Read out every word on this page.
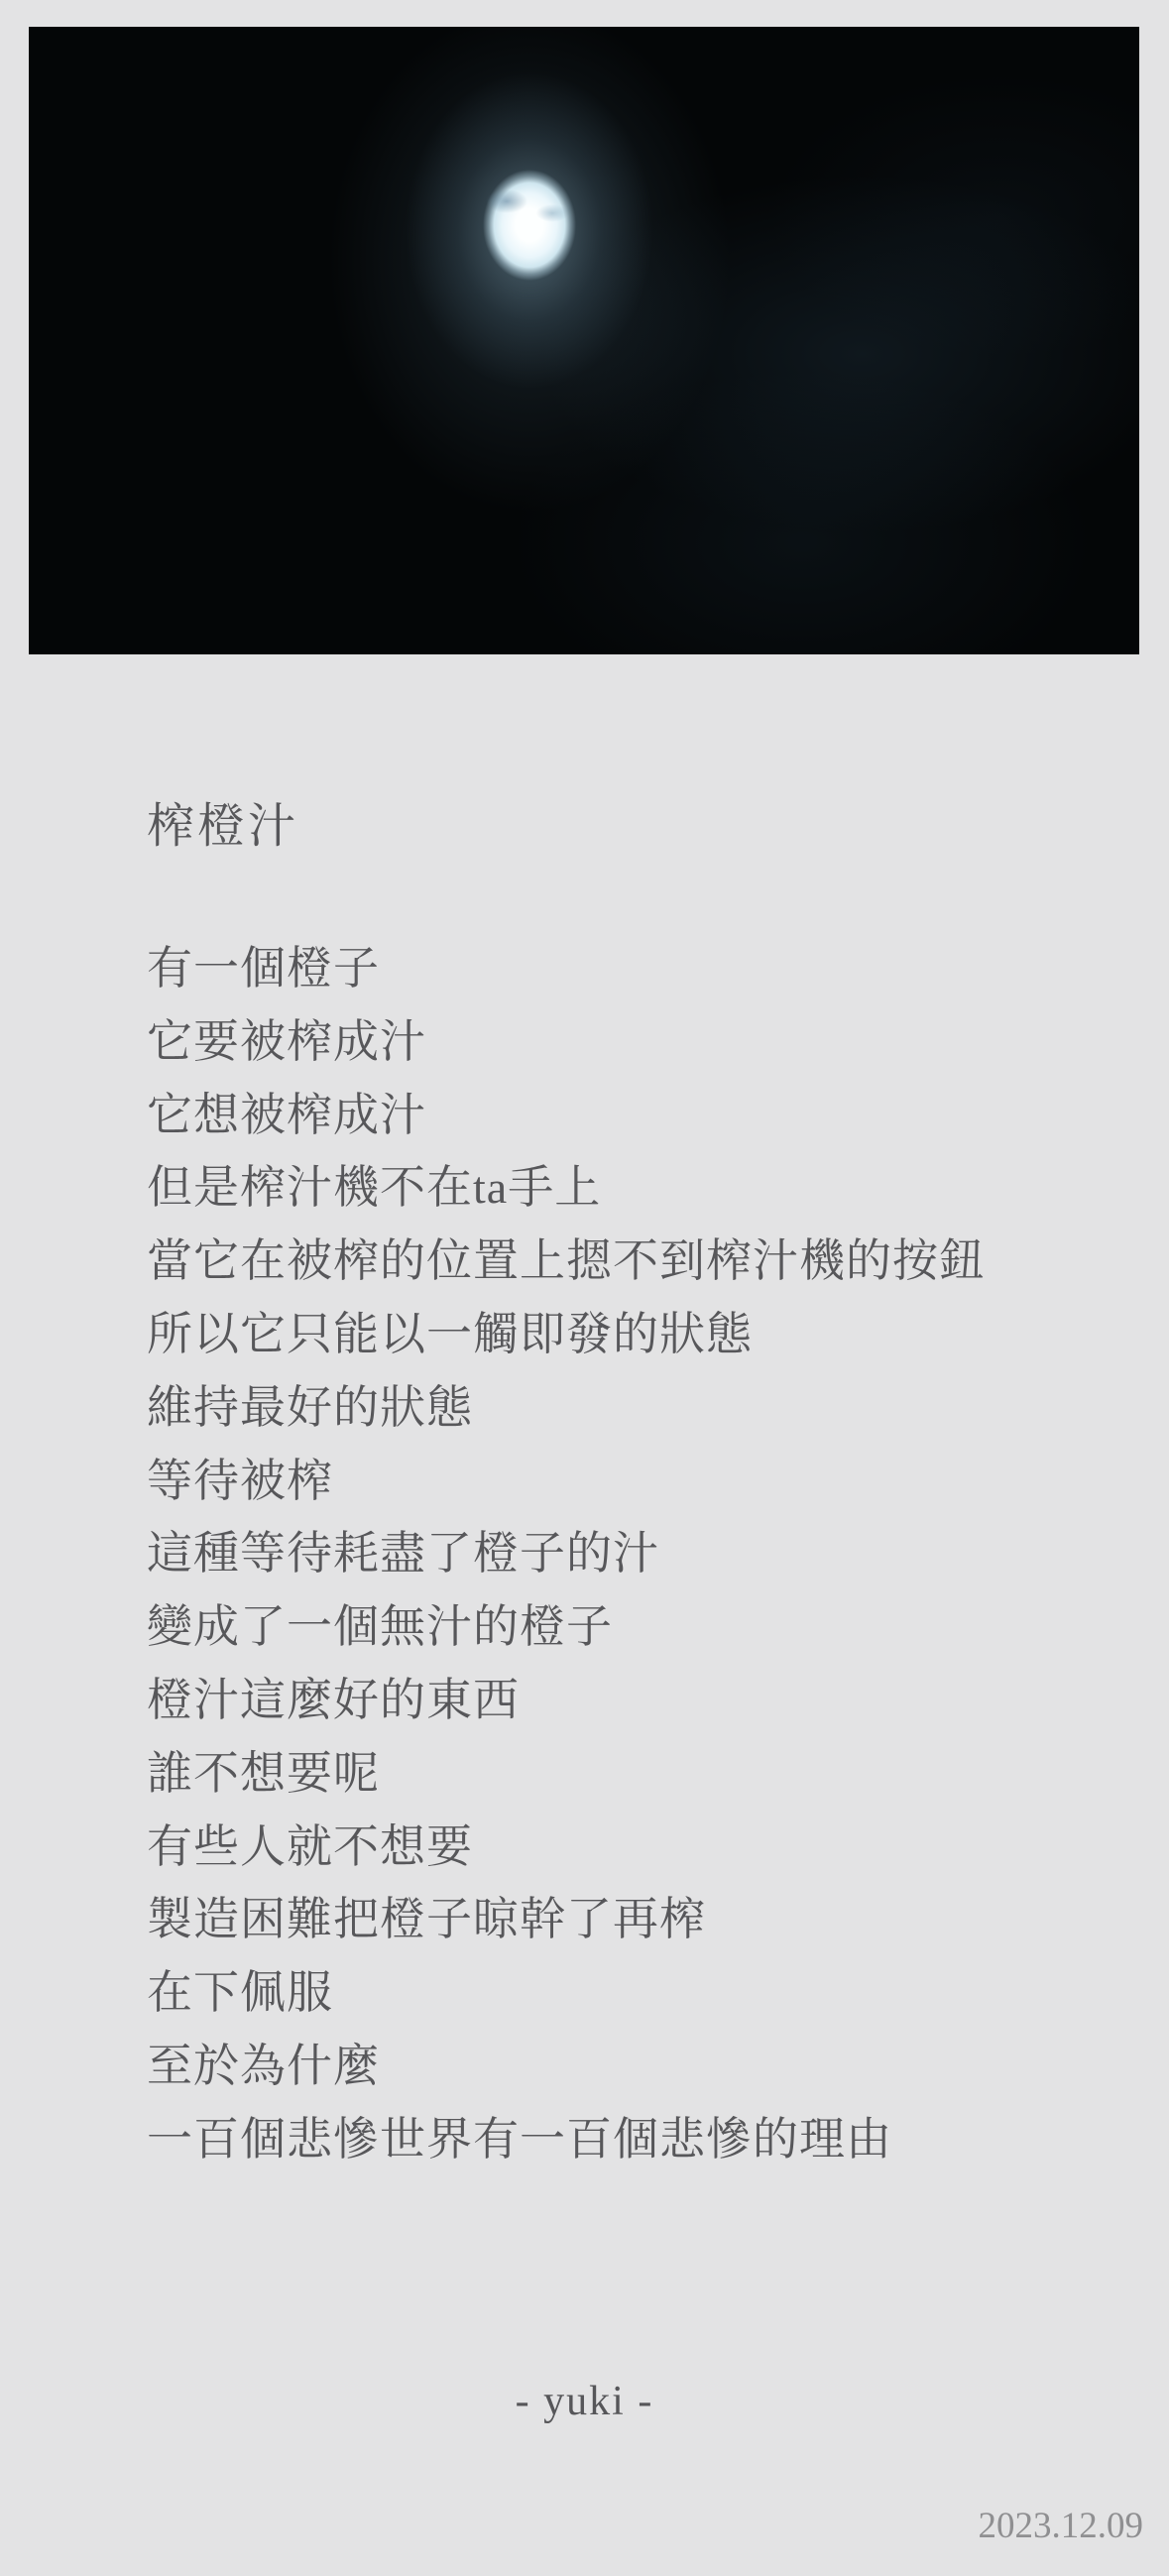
榨橙汁

有一個橙子

它要被榨成汁

它想被榨成汁

但是榨汁機不在ta手上

當它在被榨的位置上摁不到榨汁機的按鈕

所以它只能以一觸即發的狀態

維持最好的狀態

等待被榨

這種等待耗盡了橙子的汁

變成了一個無汁的橙子

橙汁這麼好的東西

誰不想要呢

有些人就不想要

製造困難把橙子晾幹了再榨

在下佩服

至於為什麼

一百個悲慘世界有一百個悲慘的理由

- yuki -
2023.12.09
